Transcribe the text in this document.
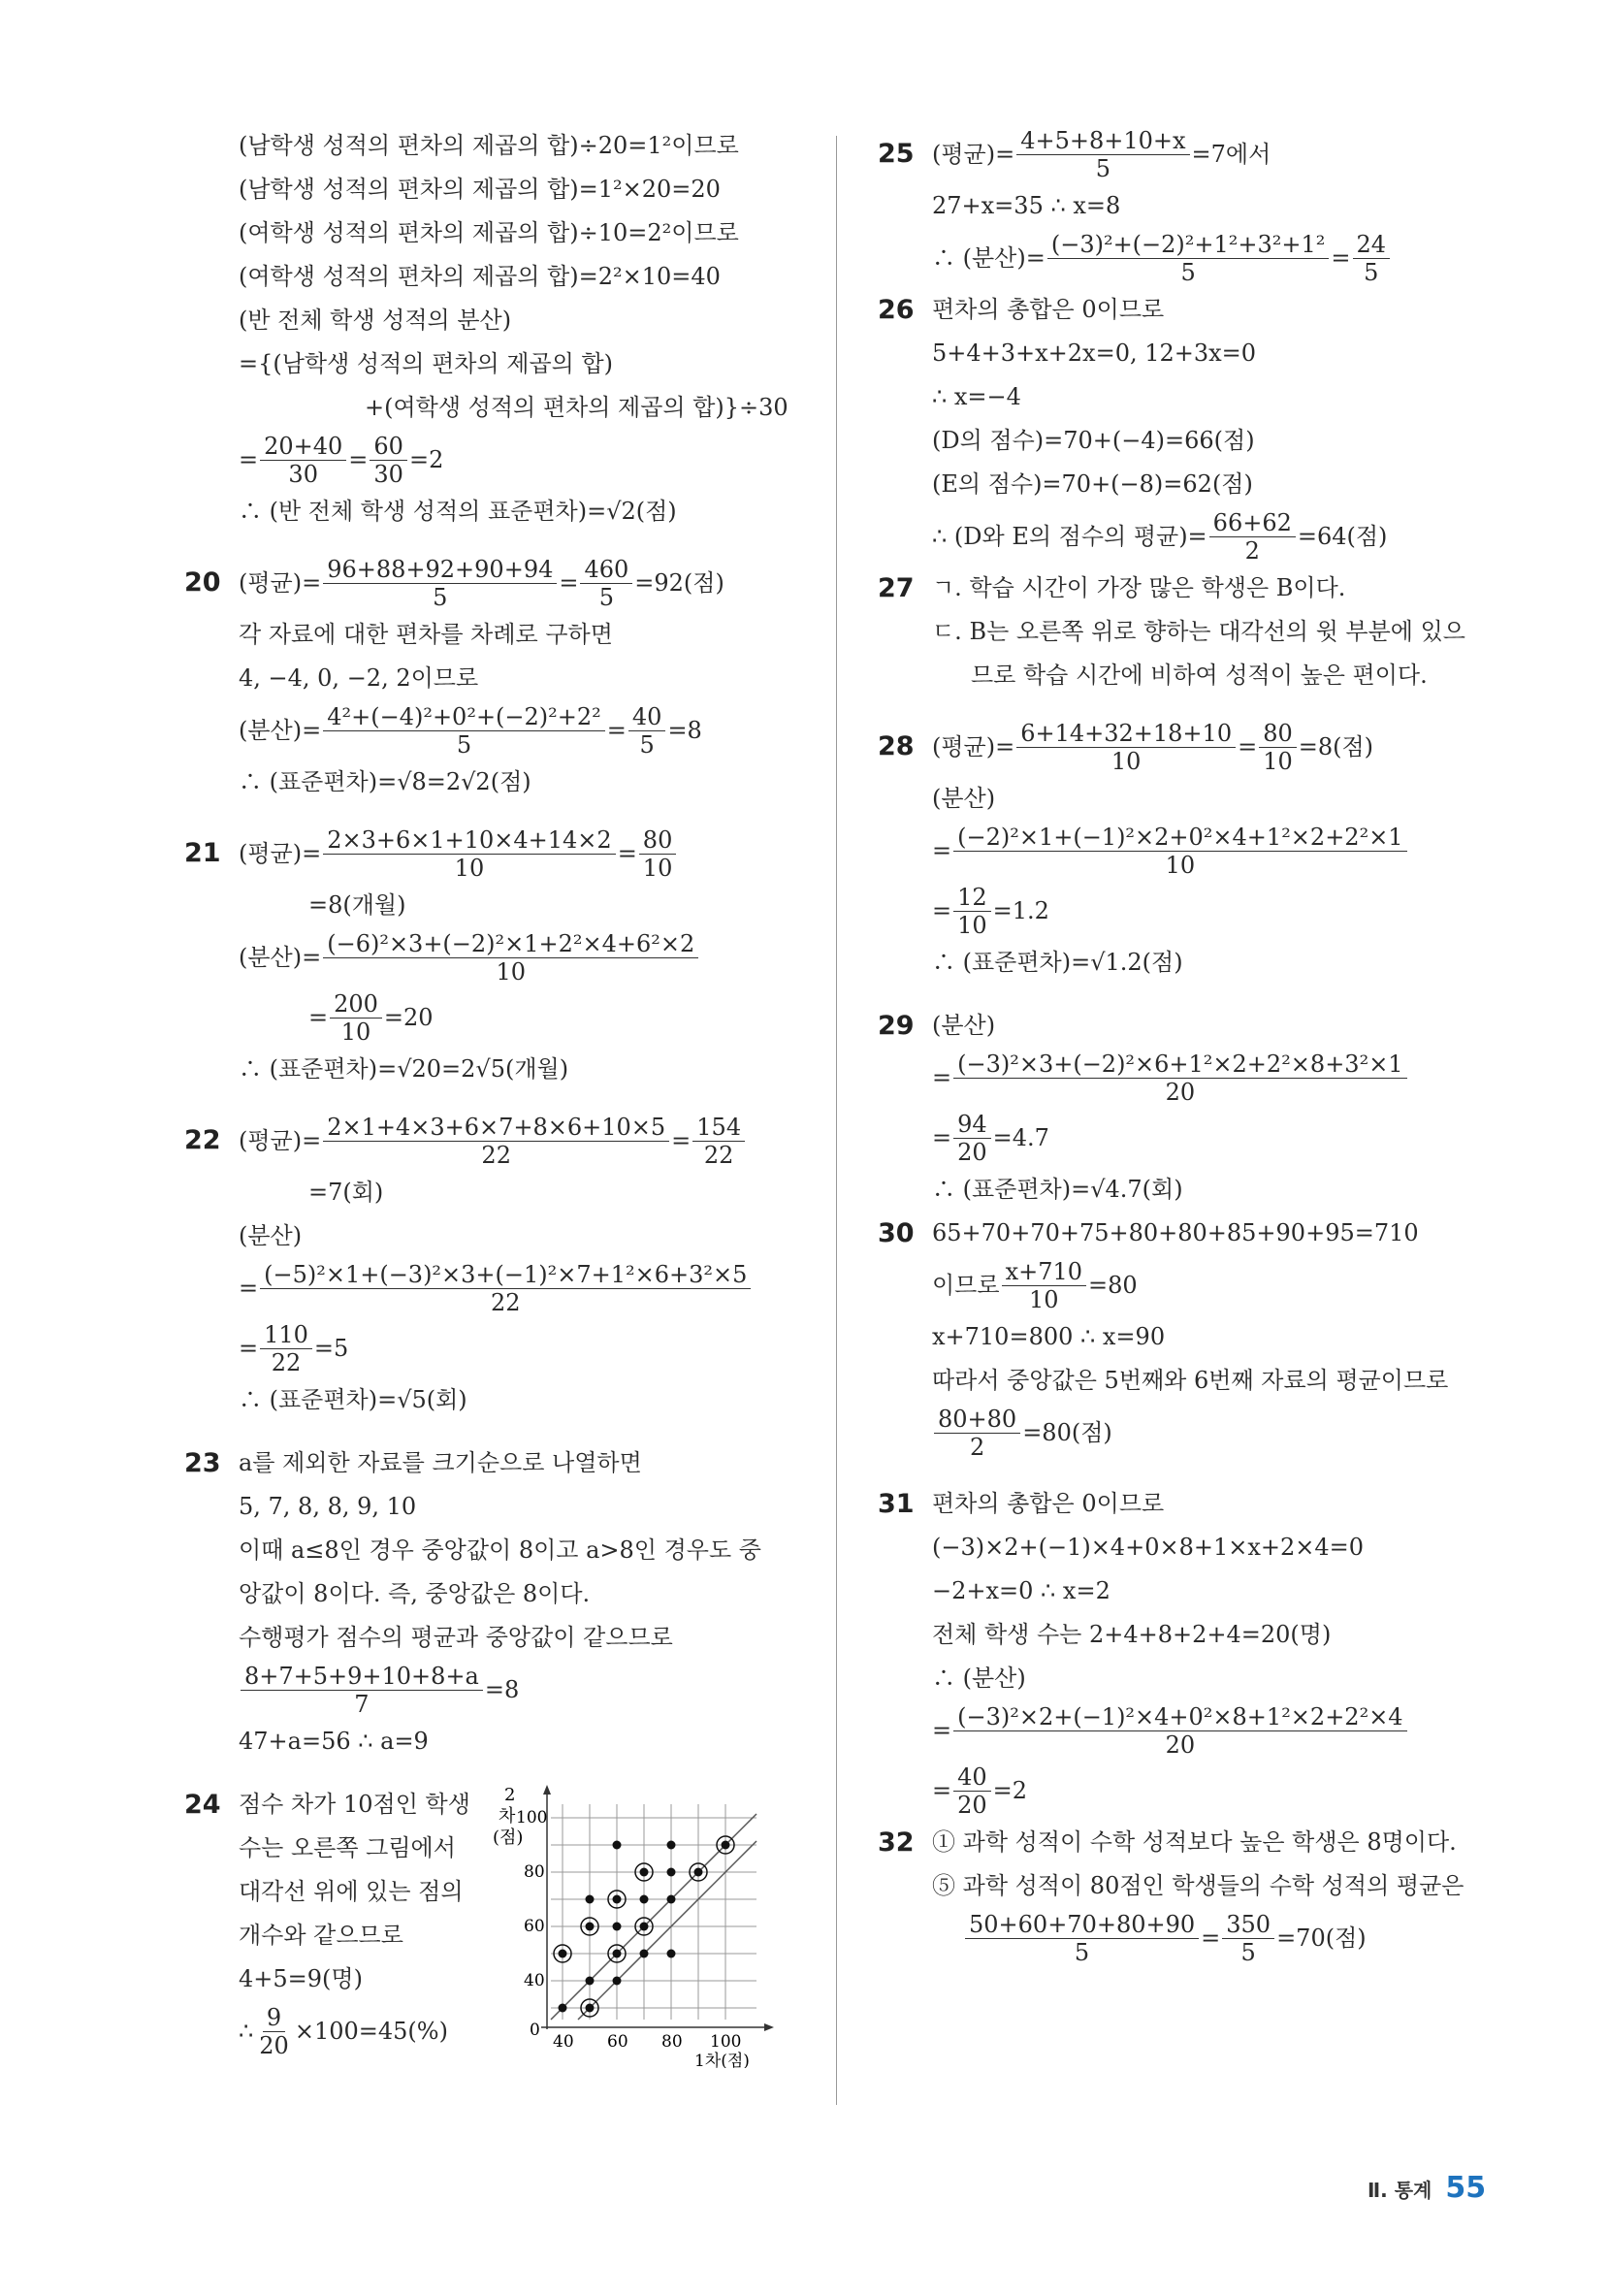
(남학생 성적의 편차의 제곱의 합)÷20=1²이므로
(남학생 성적의 편차의 제곱의 합)=1²×20=20
(여학생 성적의 편차의 제곱의 합)÷10=2²이므로
(여학생 성적의 편차의 제곱의 합)=2²×10=40
(반 전체 학생 성적의 분산)
={(남학생 성적의 편차의 제곱의 합)
+(여학생 성적의 편차의 제곱의 합)}÷30
= $\frac{20+40}{30} = \frac{60}{30} =2$
∴ (반 전체 학생 성적의 표준편차)=√2(점)
20 (평균)= $\frac{96+88+92+90+94}{5} = \frac{460}{5} =92$(점)
각 자료에 대한 편차를 차례로 구하면
4, −4, 0, −2, 2이므로
(분산)= $\frac{\text{4²+(−4)²+0²+(−2)²+2²}}{5} = \frac{40}{5} =8$
∴ (표준편차)=√8=2√2(점)
21 (평균)= $\frac{2\times 3+6\times 1+10\times 4+14\times 2}{10} = \frac{80}{10}$
=8(개월)
(분산)= $\frac{\text{(−6)²×3+(−2)²×1+2²×4+6²×2}}{10}$
= $\frac{200}{10} =20$
∴ (표준편차)=√20=2√5(개월)
22 (평균)= $\frac{2\times 1+4\times 3+6\times 7+8\times 6+10\times 5}{22} = \frac{154}{22}$
=7(회)
(분산)
= $\frac{\text{(−5)²×1+(−3)²×3+(−1)²×7+1²×6+3²×5}}{22}$
= $\frac{110}{22} =5$
∴ (표준편차)=√5(회)
23 a를 제외한 자료를 크기순으로 나열하면
5, 7, 8, 8, 9, 10
이때 a≤8인 경우 중앙값이 8이고 a>8인 경우도 중
앙값이 8이다. 즉, 중앙값은 8이다.
수행평가 점수의 평균과 중앙값이 같으므로
$\frac{8+7+5+9+10+8+a}{7} =8$
47+a=56 ∴ a=9
24 점수 차가 10점인 학생
수는 오른쪽 그림에서
대각선 위에 있는 점의
개수와 같으므로
4+5=9(명)
∴ $\frac{9}{20} \times 100=45(\%)$
2
차
(점)
100
80
60
40
0
40 60 80 100
1차(점)
25 (평균)= $\frac{4+5+8+10+x}{5} =7$에서
27+x=35 ∴ x=8
∴ (분산)= $\frac{\text{(−3)²+(−2)²+1²+3²+1²}}{5} = \frac{24}{5}$
26 편차의 총합은 0이므로
5+4+3+x+2x=0, 12+3x=0
∴ x=−4
(D의 점수)=70+(−4)=66(점)
(E의 점수)=70+(−8)=62(점)
∴ (D와 E의 점수의 평균)= $\frac{66+62}{2} =64$(점)
27 ㄱ. 학습 시간이 가장 많은 학생은 B이다.
ㄷ. B는 오른쪽 위로 향하는 대각선의 윗 부분에 있으
므로 학습 시간에 비하여 성적이 높은 편이다.
28 (평균)= $\frac{6+14+32+18+10}{10} = \frac{80}{10} =8$(점)
(분산)
= $\frac{\text{(−2)²×1+(−1)²×2+0²×4+1²×2+2²×1}}{10}$
= $\frac{12}{10} =1.2$
∴ (표준편차)=√1.2(점)
29 (분산)
= $\frac{\text{(−3)²×3+(−2)²×6+1²×2+2²×8+3²×1}}{20}$
= $\frac{94}{20} =4.7$
∴ (표준편차)=√4.7(회)
30 65+70+70+75+80+80+85+90+95=710
이므로 $\frac{x+710}{10} =80$
x+710=800 ∴ x=90
따라서 중앙값은 5번째와 6번째 자료의 평균이므로
$\frac{80+80}{2} =80$(점)
31 편차의 총합은 0이므로
(−3)×2+(−1)×4+0×8+1×x+2×4=0
−2+x=0 ∴ x=2
전체 학생 수는 2+4+8+2+4=20(명)
∴ (분산)
= $\frac{\text{(−3)²×2+(−1)²×4+0²×8+1²×2+2²×4}}{20}$
= $\frac{40}{20} =2$
32 ① 과학 성적이 수학 성적보다 높은 학생은 8명이다.
⑤ 과학 성적이 80점인 학생들의 수학 성적의 평균은
$\frac{50+60+70+80+90}{5} = \frac{350}{5} =70$(점)
Ⅱ. 통계 55
